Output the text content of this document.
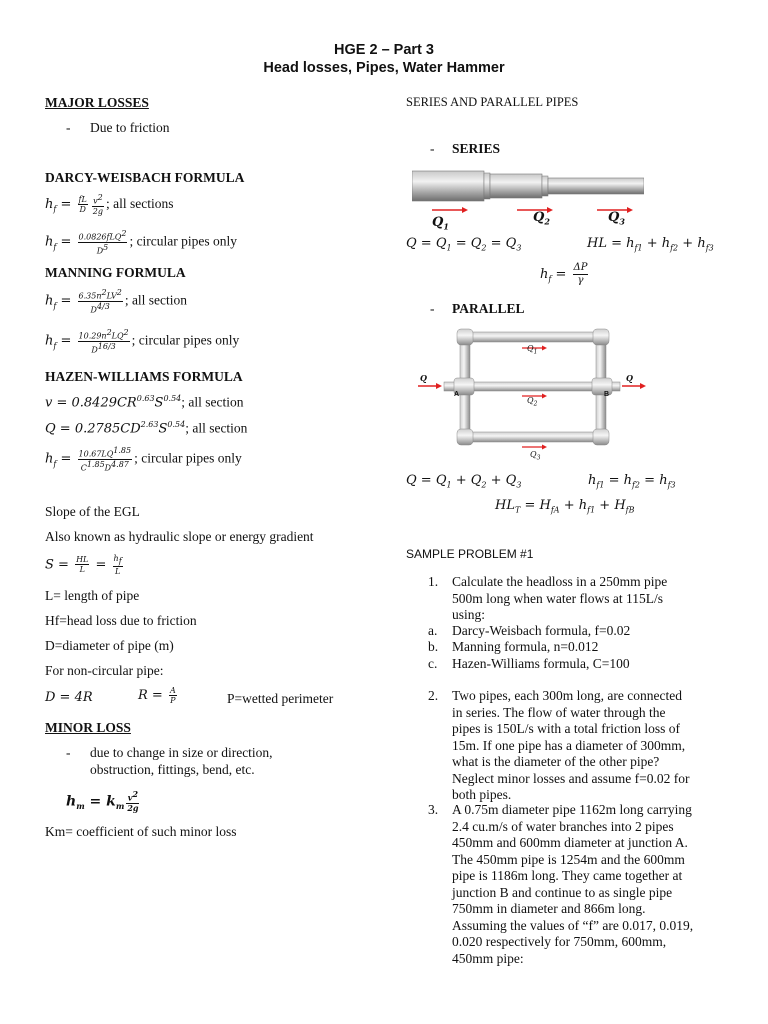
HGE 2 – Part 3
Head losses, Pipes, Water Hammer
MAJOR LOSSES
- Due to friction
DARCY-WEISBACH FORMULA
$h_f = \frac{fL}{D} \frac{v^2}{2g}$ ; all sections
$h_f = \frac{0.0826fLQ^2}{D^5}$ ; circular pipes only
MANNING FORMULA
$h_f = \frac{6.35n^2LV^2}{D^{4/3}}$ ; all section
$h_f = \frac{10.29n^2LQ^2}{D^{16/3}}$ ; circular pipes only
HAZEN-WILLIAMS FORMULA
$v = 0.8429CR^{0.63}S^{0.54}$; all section
$Q = 0.2785CD^{2.63}S^{0.54}$; all section
$h_f = \frac{10.67LQ^{1.85}}{C^{1.85}D^{4.87}}$ ; circular pipes only
Slope of the EGL
Also known as hydraulic slope or energy gradient
$S = \frac{HL}{L} = \frac{h_f}{L}$
L= length of pipe
Hf=head loss due to friction
D=diameter of pipe (m)
For non-circular pipe:
D = 4R	$R = \frac{A}{P}$	P=wetted perimeter
MINOR LOSS
- due to change in size or direction,
obstruction, fittings, bend, etc.
$h_m = k_m \frac{v^2}{2g}$
Km= coefficient of such minor loss
SERIES AND PARALLEL PIPES
- SERIES
$Q_1$
$Q_2$	$Q_3$
$Q = Q_1 = Q_2 = Q_3$	HL = $h_{f1} + h_{f2} + h_{f3}$
$h_f = \frac{\Delta P}{\gamma}$
- PARALLEL
Q	Q
A	B
$Q_1$
$Q_2$
$Q_3$
$Q = Q_1 + Q_2 + Q_3$	$h_{f1} = h_{f2} = h_{f3}$
$HL_T = H_{fA} + h_{f1} + H_{fB}$
SAMPLE PROBLEM #1
1. Calculate the headloss in a 250mm pipe
500m long when water flows at 115L/s
using:
a. Darcy-Weisbach formula, f=0.02
b. Manning formula, n=0.012
c. Hazen-Williams formula, C=100
2. Two pipes, each 300m long, are connected
in series. The flow of water through the
pipes is 150L/s with a total friction loss of
15m. If one pipe has a diameter of 300mm,
what is the diameter of the other pipe?
Neglect minor losses and assume f=0.02 for
both pipes.
3. A 0.75m diameter pipe 1162m long carrying
2.4 cu.m/s of water branches into 2 pipes
450mm and 600mm diameter at junction A.
The 450mm pipe is 1254m and the 600mm
pipe is 1186m long. They came together at
junction B and continue to as single pipe
750mm in diameter and 866m long.
Assuming the values of “f” are 0.017, 0.019,
0.020 respectively for 750mm, 600mm,
450mm pipe:
